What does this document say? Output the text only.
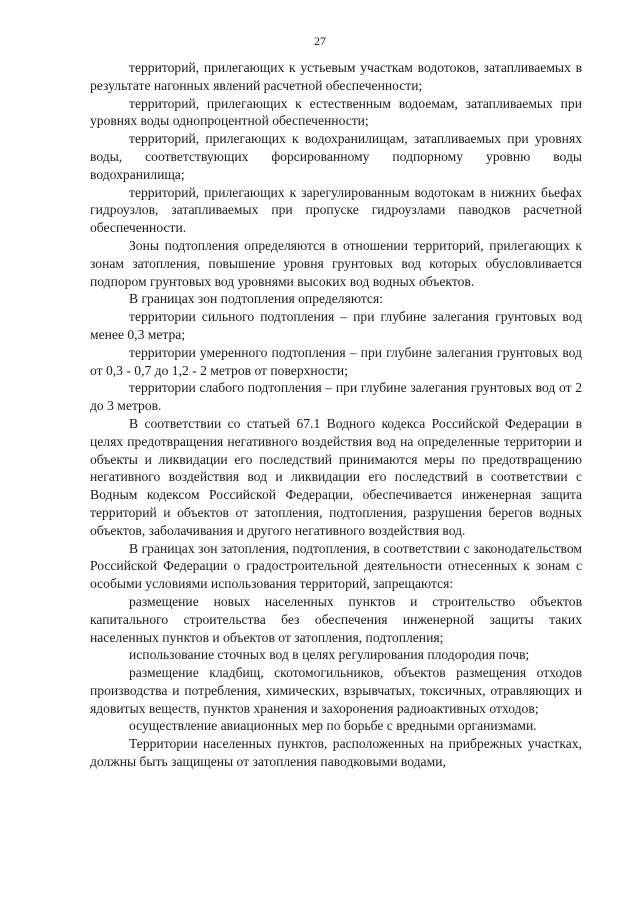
27

территорий, прилегающих к устьевым участкам водотоков, затапливаемых в результате нагонных явлений расчетной обеспеченности;

территорий, прилегающих к естественным водоемам, затапливаемых при уровнях воды однопроцентной обеспеченности;

территорий, прилегающих к водохранилищам, затапливаемых при уровнях воды, соответствующих форсированному подпорному уровню воды водохранилища;

территорий, прилегающих к зарегулированным водотокам в нижних бьефах гидроузлов, затапливаемых при пропуске гидроузлами паводков расчетной обеспеченности.

Зоны подтопления определяются в отношении территорий, прилегающих к зонам затопления, повышение уровня грунтовых вод которых обусловливается подпором грунтовых вод уровнями высоких вод водных объектов.

В границах зон подтопления определяются:

территории сильного подтопления – при глубине залегания грунтовых вод менее 0,3 метра;

территории умеренного подтопления – при глубине залегания грунтовых вод от 0,3 - 0,7 до 1,2 - 2 метров от поверхности;

территории слабого подтопления – при глубине залегания грунтовых вод от 2 до 3 метров.

В соответствии со статьей 67.1 Водного кодекса Российской Федерации в целях предотвращения негативного воздействия вод на определенные территории и объекты и ликвидации его последствий принимаются меры по предотвращению негативного воздействия вод и ликвидации его последствий в соответствии с Водным кодексом Российской Федерации, обеспечивается инженерная защита территорий и объектов от затопления, подтопления, разрушения берегов водных объектов, заболачивания и другого негативного воздействия вод.

В границах зон затопления, подтопления, в соответствии с законодательством Российской Федерации о градостроительной деятельности отнесенных к зонам с особыми условиями использования территорий, запрещаются:

размещение новых населенных пунктов и строительство объектов капитального строительства без обеспечения инженерной защиты таких населенных пунктов и объектов от затопления, подтопления;

использование сточных вод в целях регулирования плодородия почв;

размещение кладбищ, скотомогильников, объектов размещения отходов производства и потребления, химических, взрывчатых, токсичных, отравляющих и ядовитых веществ, пунктов хранения и захоронения радиоактивных отходов;

осуществление авиационных мер по борьбе с вредными организмами.

Территории населенных пунктов, расположенных на прибрежных участках, должны быть защищены от затопления паводковыми водами,
